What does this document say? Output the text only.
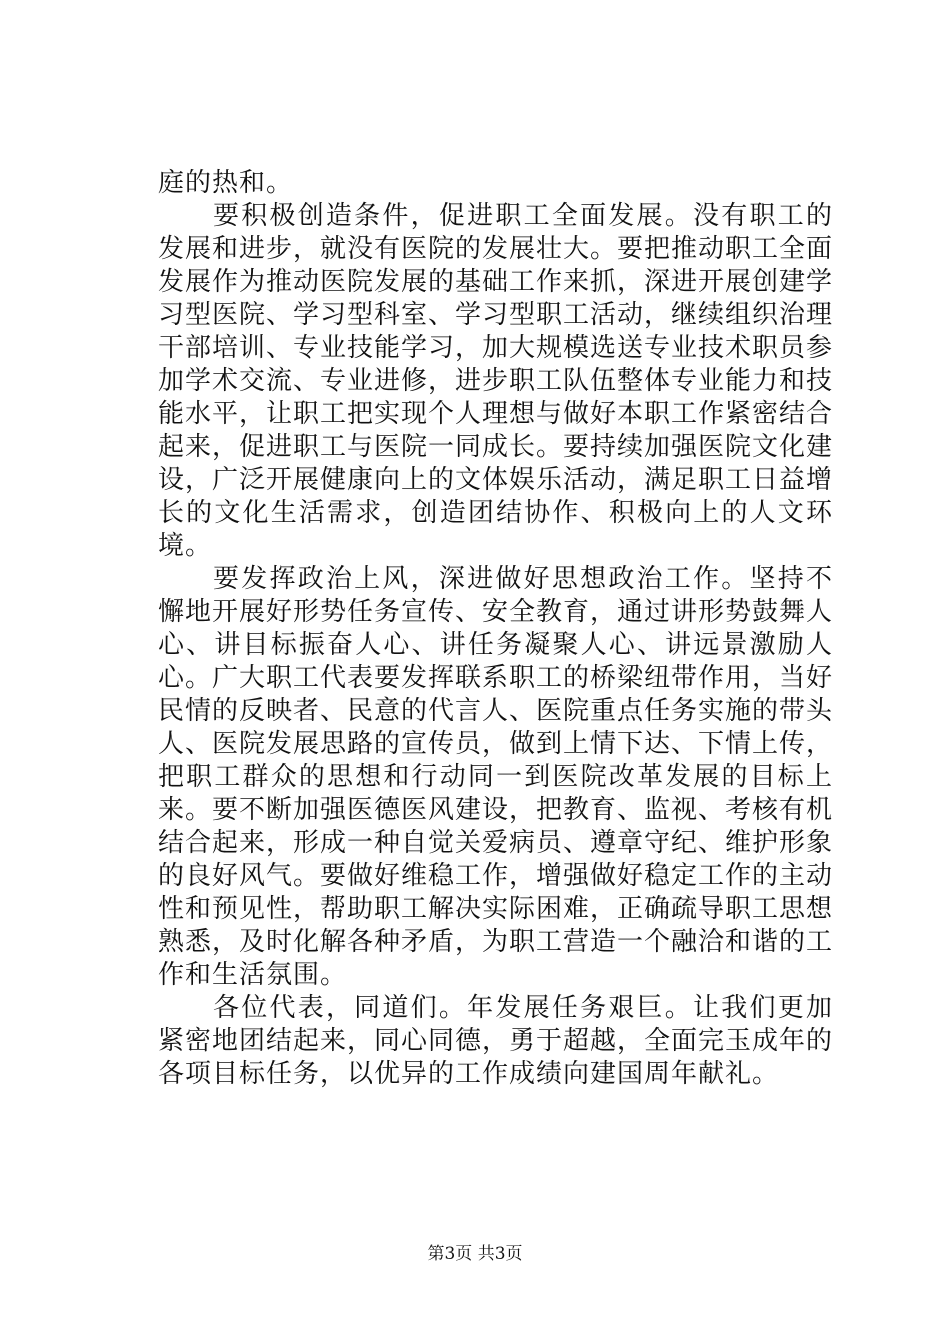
庭的热和。

要积极创造条件，促进职工全面发展。没有职工的发展和进步，就没有医院的发展壮大。要把推动职工全面发展作为推动医院发展的基础工作来抓，深进开展创建学习型医院、学习型科室、学习型职工活动，继续组织治理干部培训、专业技能学习，加大规模选送专业技术职员参加学术交流、专业进修，进步职工队伍整体专业能力和技能水平，让职工把实现个人理想与做好本职工作紧密结合起来，促进职工与医院一同成长。要持续加强医院文化建设，广泛开展健康向上的文体娱乐活动，满足职工日益增长的文化生活需求，创造团结协作、积极向上的人文环境。

要发挥政治上风，深进做好思想政治工作。坚持不懈地开展好形势任务宣传、安全教育，通过讲形势鼓舞人心、讲目标振奋人心、讲任务凝聚人心、讲远景激励人心。广大职工代表要发挥联系职工的桥梁纽带作用，当好民情的反映者、民意的代言人、医院重点任务实施的带头人、医院发展思路的宣传员，做到上情下达、下情上传，把职工群众的思想和行动同一到医院改革发展的目标上来。要不断加强医德医风建设，把教育、监视、考核有机结合起来，形成一种自觉关爱病员、遵章守纪、维护形象的良好风气。要做好维稳工作，增强做好稳定工作的主动性和预见性，帮助职工解决实际困难，正确疏导职工思想熟悉，及时化解各种矛盾，为职工营造一个融洽和谐的工作和生活氛围。

各位代表，同道们。年发展任务艰巨。让我们更加紧密地团结起来，同心同德，勇于超越，全面完玉成年的各项目标任务，以优异的工作成绩向建国周年献礼。

第3页 共3页
